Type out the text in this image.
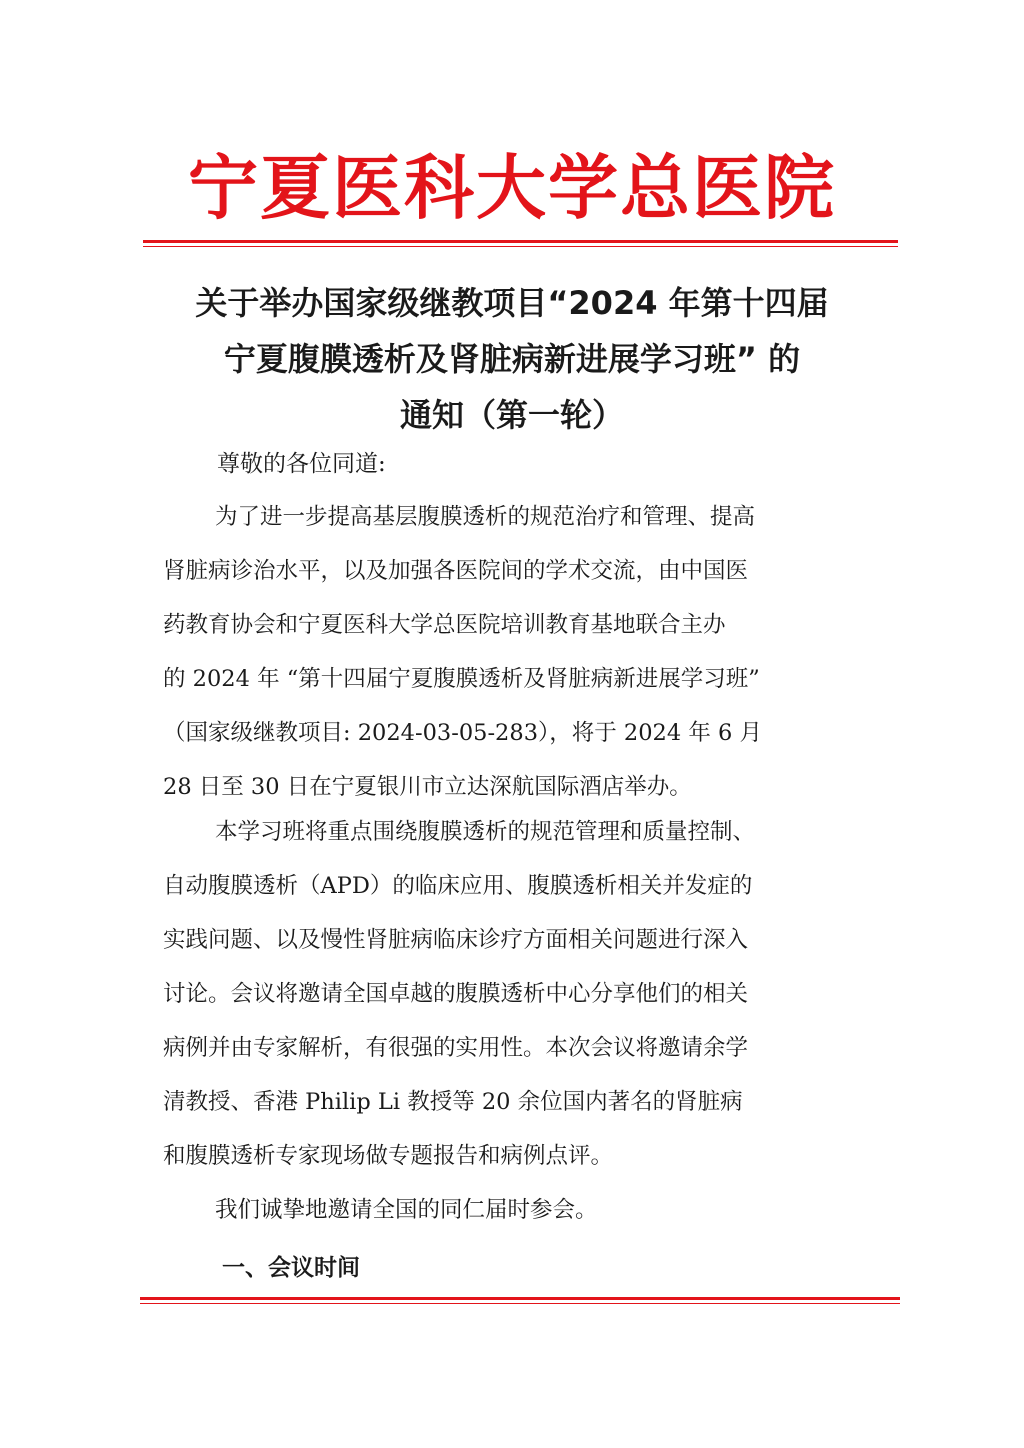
宁夏医科大学总医院
关于举办国家级继教项目“2024 年第十四届
宁夏腹膜透析及肾脏病新进展学习班” 的
通知（第一轮）
尊敬的各位同道:
为了进一步提高基层腹膜透析的规范治疗和管理、提高
肾脏病诊治水平，以及加强各医院间的学术交流，由中国医
药教育协会和宁夏医科大学总医院培训教育基地联合主办
的 2024 年 “第十四届宁夏腹膜透析及肾脏病新进展学习班”
（国家级继教项目: 2024-03-05-283），将于 2024 年 6 月
28 日至 30 日在宁夏银川市立达深航国际酒店举办。
本学习班将重点围绕腹膜透析的规范管理和质量控制、
自动腹膜透析（APD）的临床应用、腹膜透析相关并发症的
实践问题、以及慢性肾脏病临床诊疗方面相关问题进行深入
讨论。会议将邀请全国卓越的腹膜透析中心分享他们的相关
病例并由专家解析，有很强的实用性。本次会议将邀请余学
清教授、香港 Philip Li 教授等 20 余位国内著名的肾脏病
和腹膜透析专家现场做专题报告和病例点评。
我们诚挚地邀请全国的同仁届时参会。
一、会议时间
